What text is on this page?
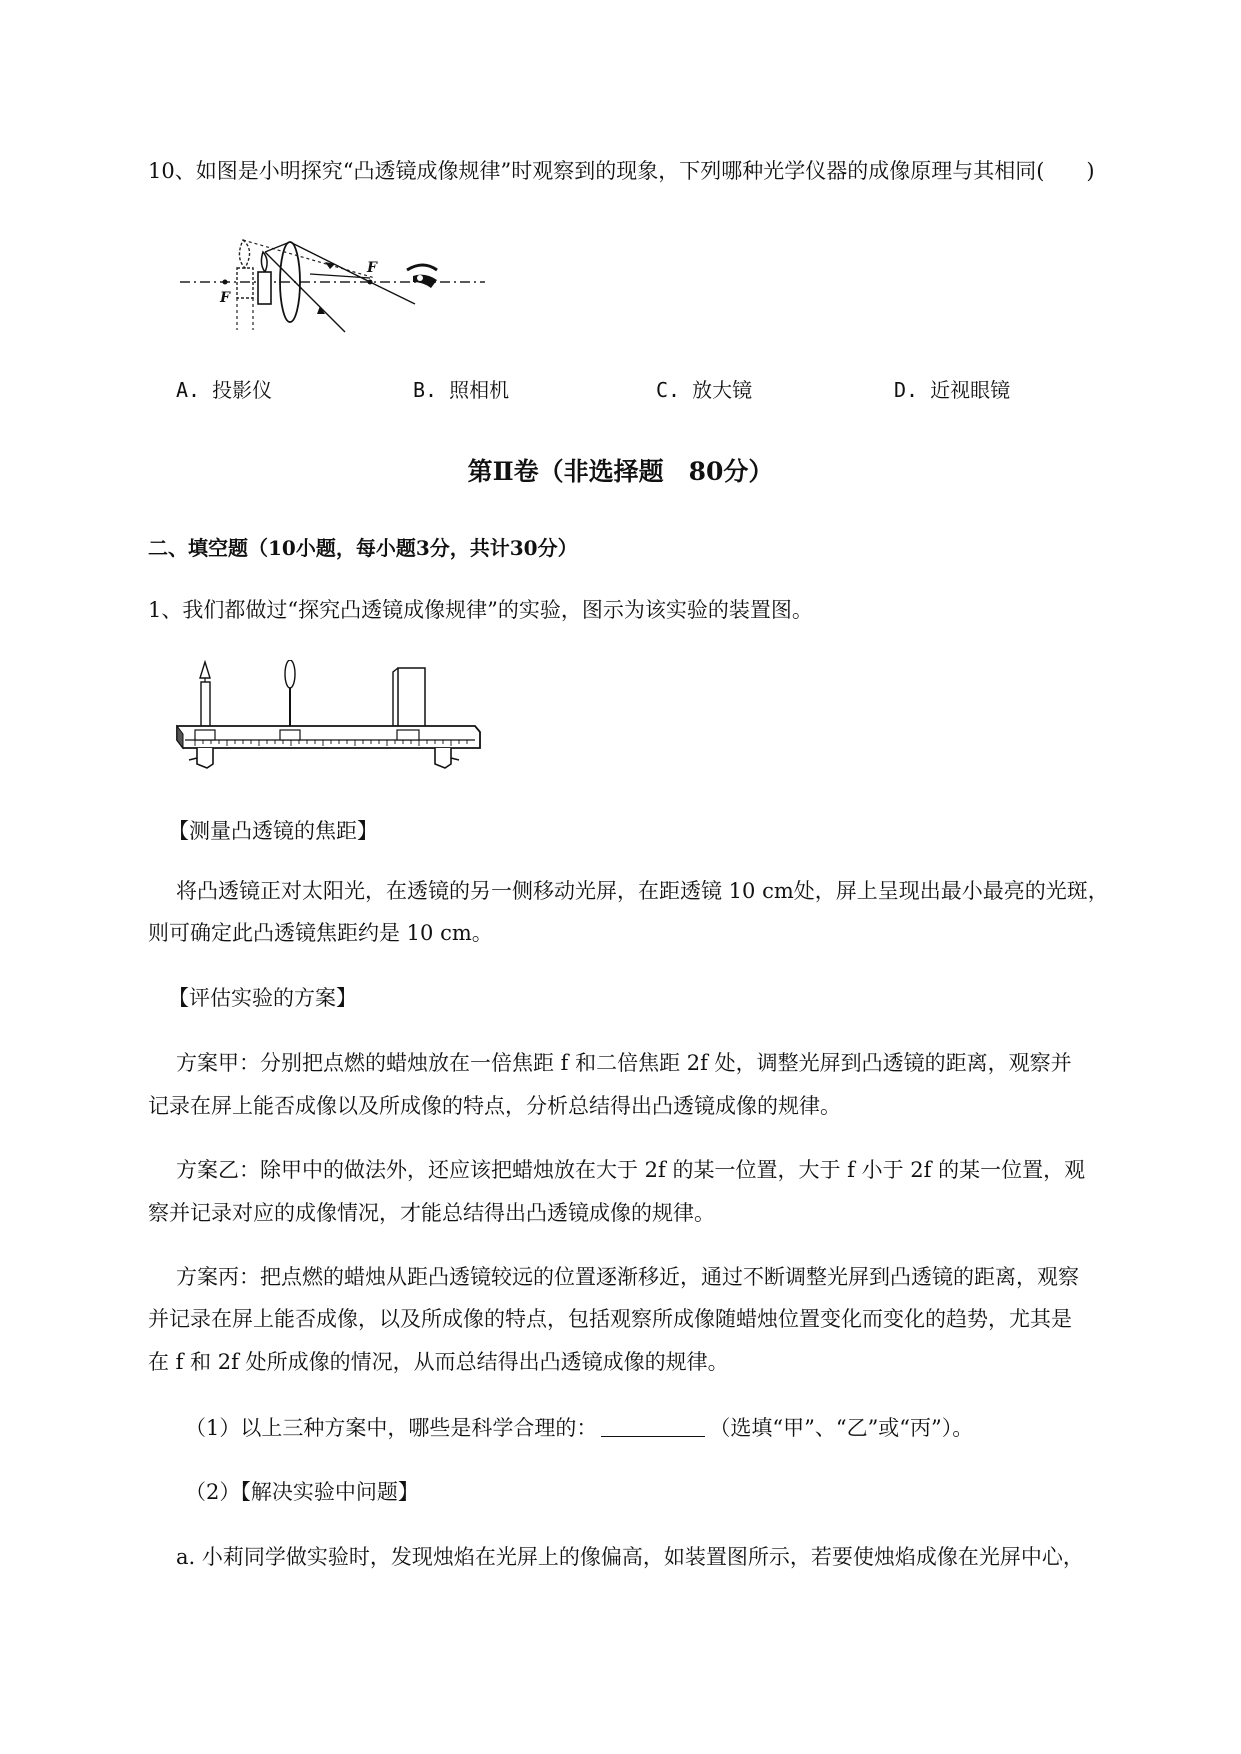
10、如图是小明探究“凸透镜成像规律”时观察到的现象，下列哪种光学仪器的成像原理与其相同(　　)
F
F
A. 投影仪	B. 照相机	C. 放大镜	D. 近视眼镜
第Ⅱ卷（非选择题　80分）
二、填空题（10小题，每小题3分，共计30分）
1、我们都做过“探究凸透镜成像规律”的实验，图示为该实验的装置图。
【测量凸透镜的焦距】
将凸透镜正对太阳光，在透镜的另一侧移动光屏，在距透镜 10 cm处，屏上呈现出最小最亮的光斑，
则可确定此凸透镜焦距约是 10 cm。
【评估实验的方案】
方案甲：分别把点燃的蜡烛放在一倍焦距 f 和二倍焦距 2f 处，调整光屏到凸透镜的距离，观察并
记录在屏上能否成像以及所成像的特点，分析总结得出凸透镜成像的规律。
方案乙：除甲中的做法外，还应该把蜡烛放在大于 2f 的某一位置，大于 f 小于 2f 的某一位置，观
察并记录对应的成像情况，才能总结得出凸透镜成像的规律。
方案丙：把点燃的蜡烛从距凸透镜较远的位置逐渐移近，通过不断调整光屏到凸透镜的距离，观察
并记录在屏上能否成像，以及所成像的特点，包括观察所成像随蜡烛位置变化而变化的趋势，尤其是
在 f 和 2f 处所成像的情况，从而总结得出凸透镜成像的规律。
（1）以上三种方案中，哪些是科学合理的：	（选填“甲”、“乙”或“丙”）。
（2）【解决实验中问题】
a. 小莉同学做实验时，发现烛焰在光屏上的像偏高，如装置图所示，若要使烛焰成像在光屏中心，
